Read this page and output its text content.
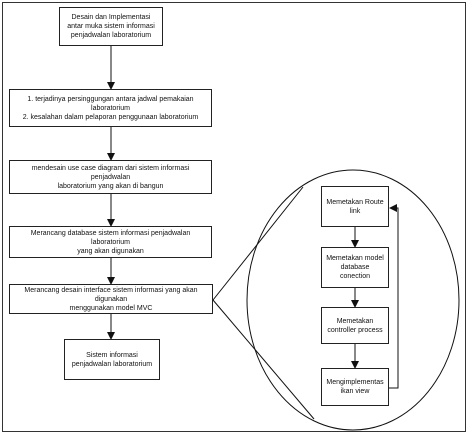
Desain dan Implementasi
antar muka sistem informasi
penjadwalan laboratorium
1. terjadinya persinggungan antara jadwal pemakaian laboratorium
2. kesalahan dalam pelaporan penggunaan laboratorium
mendesain use case diagram dari sistem informasi penjadwalan
laboratorium yang akan di bangun
Merancang database sistem informasi penjadwalan laboratorium
yang akan digunakan
Merancang desain interface sistem informasi yang akan digunakan
menggunakan model MVC
Sistem informasi
penjadwalan laboratorium
Memetakan Route
link
Memetakan model
database
conection
Memetakan
controller process
Mengimplementas
ikan view
